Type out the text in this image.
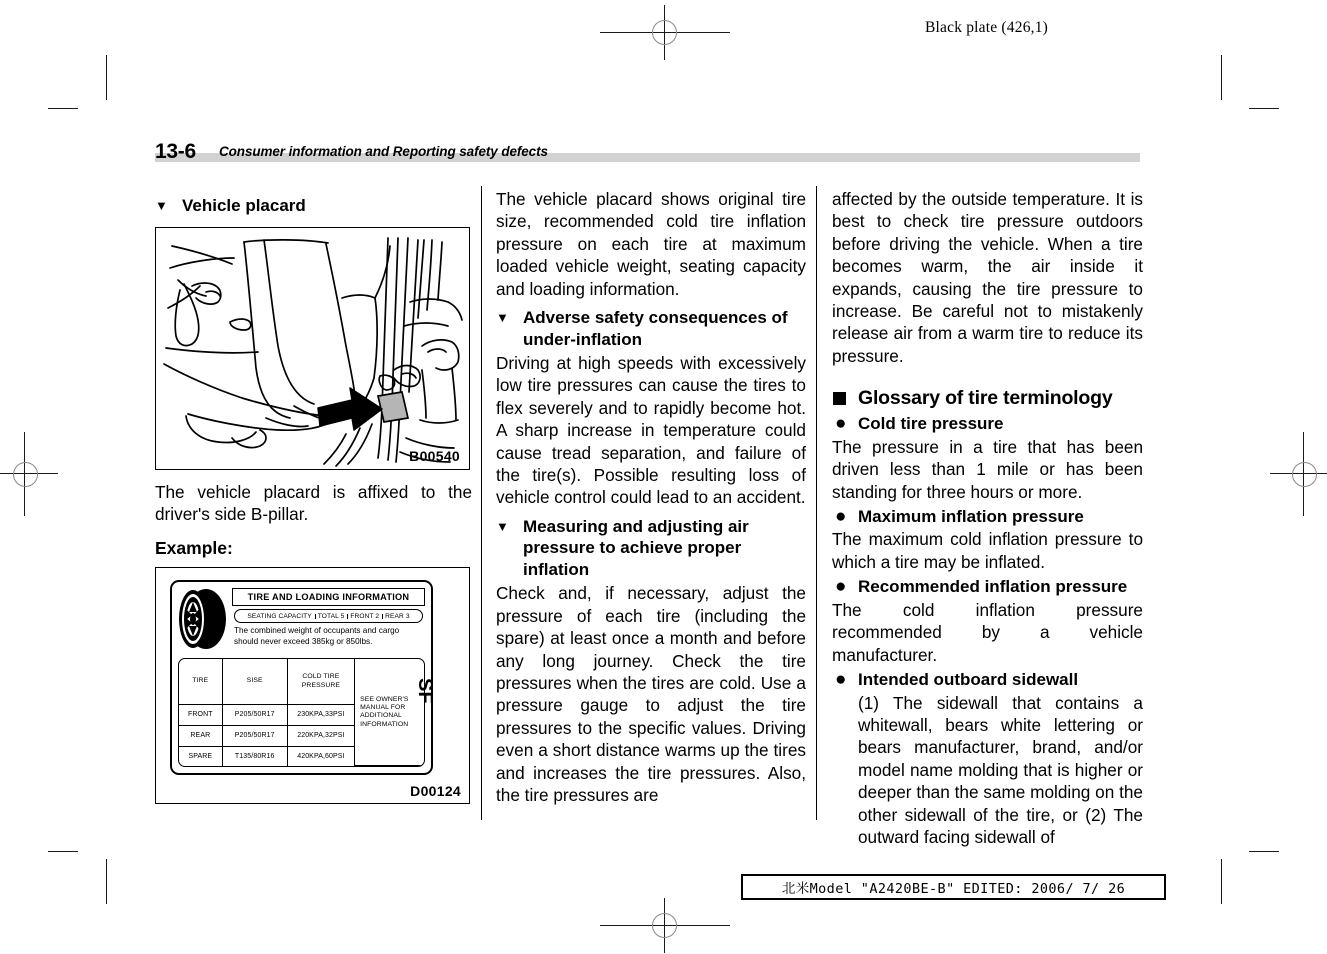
Black plate (426,1)
13-6 Consumer information and Reporting safety defects
▼ Vehicle placard
B00540

The vehicle placard is affixed to the driver's side B-pillar.

Example:
TIRE AND LOADING INFORMATION
SEATING CAPACITY TOTAL 5 FRONT 2 REAR 3
The combined weight of occupants and cargo should never exceed 385kg or 850lbs.
TIRE	SISE	COLD TIRE PRESSURE	SEE OWNER'S MANUAL FOR ADDITIONAL INFORMATION
FRONT	P205/50R17	230KPA,33PSI	
REAR	P205/50R17	220KPA,32PSI	
SPARE	T135/80R16	420KPA,60PSI	
SF
D00124

The vehicle placard shows original tire size, recommended cold tire inflation pressure on each tire at maximum loaded vehicle weight, seating capacity and loading information.

▼ Adverse safety consequences of under-inflation

Driving at high speeds with excessively low tire pressures can cause the tires to flex severely and to rapidly become hot. A sharp increase in temperature could cause tread separation, and failure of the tire(s). Possible resulting loss of vehicle control could lead to an accident.

▼ Measuring and adjusting air pressure to achieve proper inflation

Check and, if necessary, adjust the pressure of each tire (including the spare) at least once a month and before any long journey. Check the tire pressures when the tires are cold. Use a pressure gauge to adjust the tire pressures to the specific values. Driving even a short distance warms up the tires and increases the tire pressures. Also, the tire pressures are

affected by the outside temperature. It is best to check tire pressure outdoors before driving the vehicle. When a tire becomes warm, the air inside it expands, causing the tire pressure to increase. Be careful not to mistakenly release air from a warm tire to reduce its pressure.

Glossary of tire terminology
● Cold tire pressure

The pressure in a tire that has been driven less than 1 mile or has been standing for three hours or more.

● Maximum inflation pressure

The maximum cold inflation pressure to which a tire may be inflated.

● Recommended inflation pressure

The cold inflation pressure recommended by a vehicle manufacturer.

● Intended outboard sidewall

(1) The sidewall that contains a whitewall, bears white lettering or bears manufacturer, brand, and/or model name molding that is higher or deeper than the same molding on the other sidewall of the tire, or (2) The outward facing sidewall of

北米Model "A2420BE-B" EDITED: 2006/ 7/ 26
